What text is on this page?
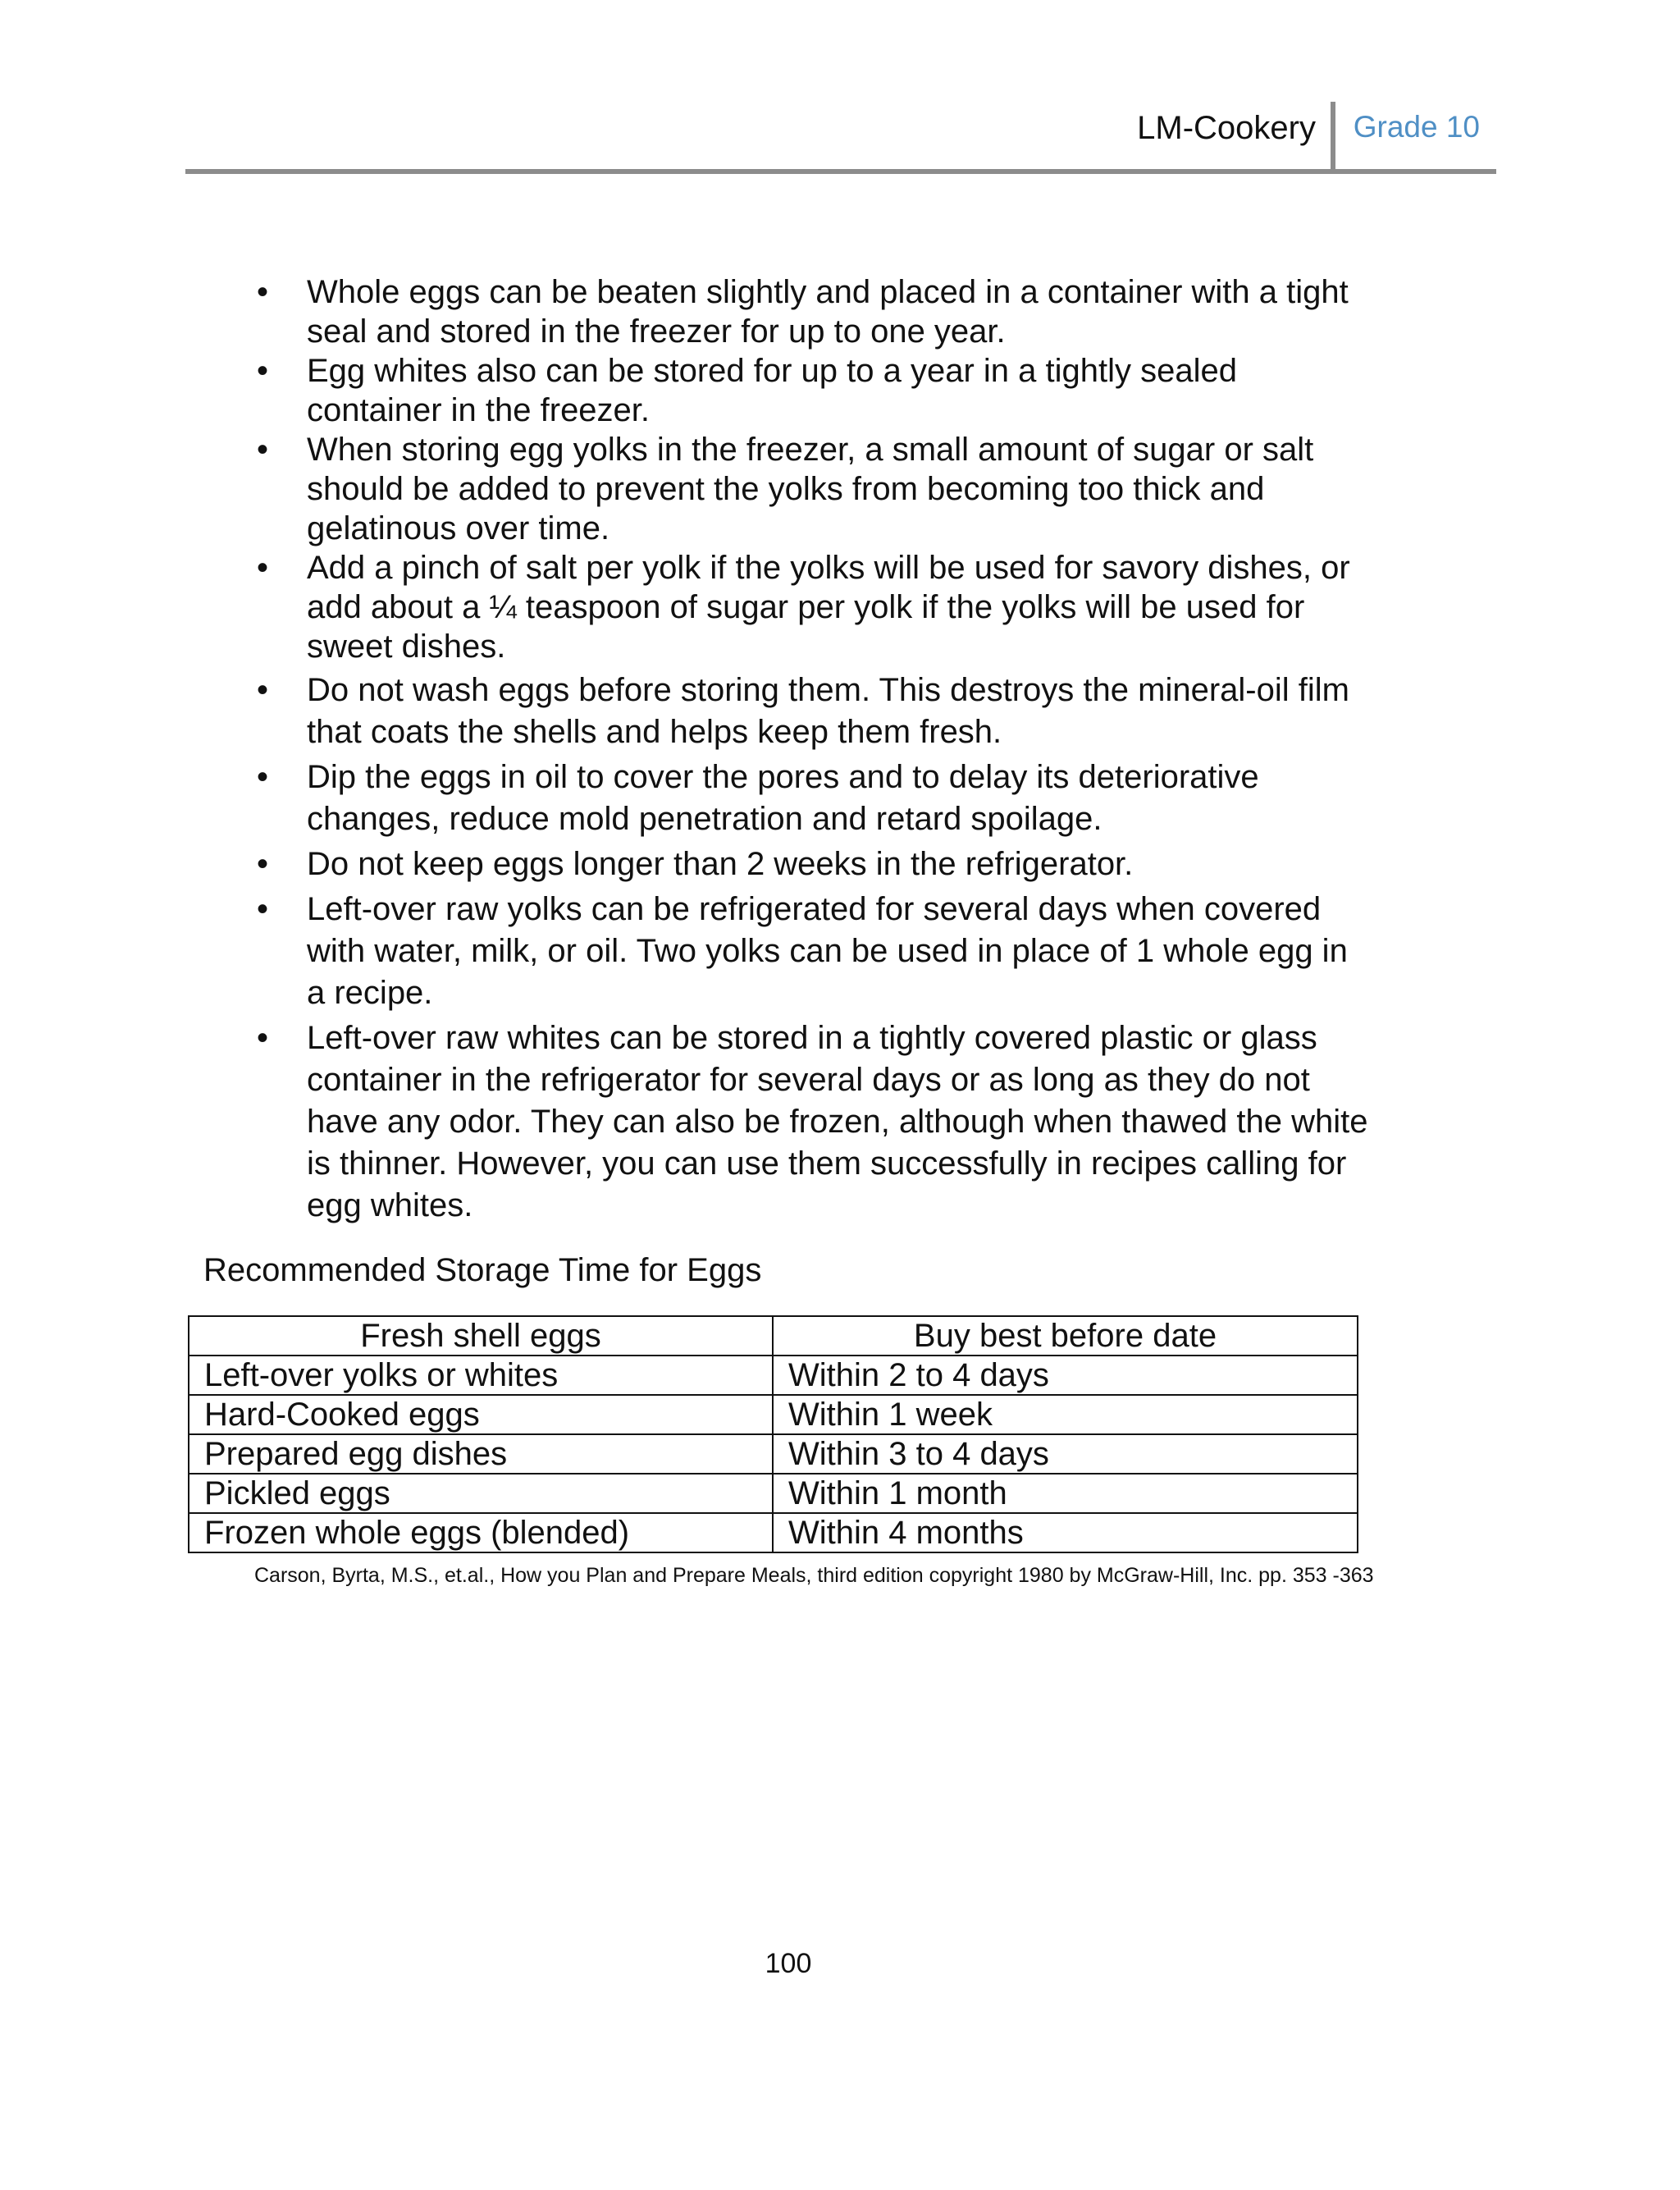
LM-Cookery Grade 10
• Whole eggs can be beaten slightly and placed in a container with a tight seal and stored in the freezer for up to one year.
• Egg whites also can be stored for up to a year in a tightly sealed container in the freezer.
• When storing egg yolks in the freezer, a small amount of sugar or salt should be added to prevent the yolks from becoming too thick and gelatinous over time.
• Add a pinch of salt per yolk if the yolks will be used for savory dishes, or add about a ¼ teaspoon of sugar per yolk if the yolks will be used for sweet dishes.
• Do not wash eggs before storing them. This destroys the mineral-oil film that coats the shells and helps keep them fresh.
• Dip the eggs in oil to cover the pores and to delay its deteriorative changes, reduce mold penetration and retard spoilage.
• Do not keep eggs longer than 2 weeks in the refrigerator.
• Left-over raw yolks can be refrigerated for several days when covered with water, milk, or oil. Two yolks can be used in place of 1 whole egg in a recipe.
• Left-over raw whites can be stored in a tightly covered plastic or glass container in the refrigerator for several days or as long as they do not have any odor. They can also be frozen, although when thawed the white is thinner. However, you can use them successfully in recipes calling for egg whites.
Recommended Storage Time for Eggs
Fresh shell eggs	Buy best before date
Left-over yolks or whites	Within 2 to 4 days
Hard-Cooked eggs	Within 1 week
Prepared egg dishes	Within 3 to 4 days
Pickled eggs	Within 1 month
Frozen whole eggs (blended)	Within 4 months
Carson, Byrta, M.S., et.al., How you Plan and Prepare Meals, third edition copyright 1980 by McGraw-Hill, Inc. pp. 353 -363
100
